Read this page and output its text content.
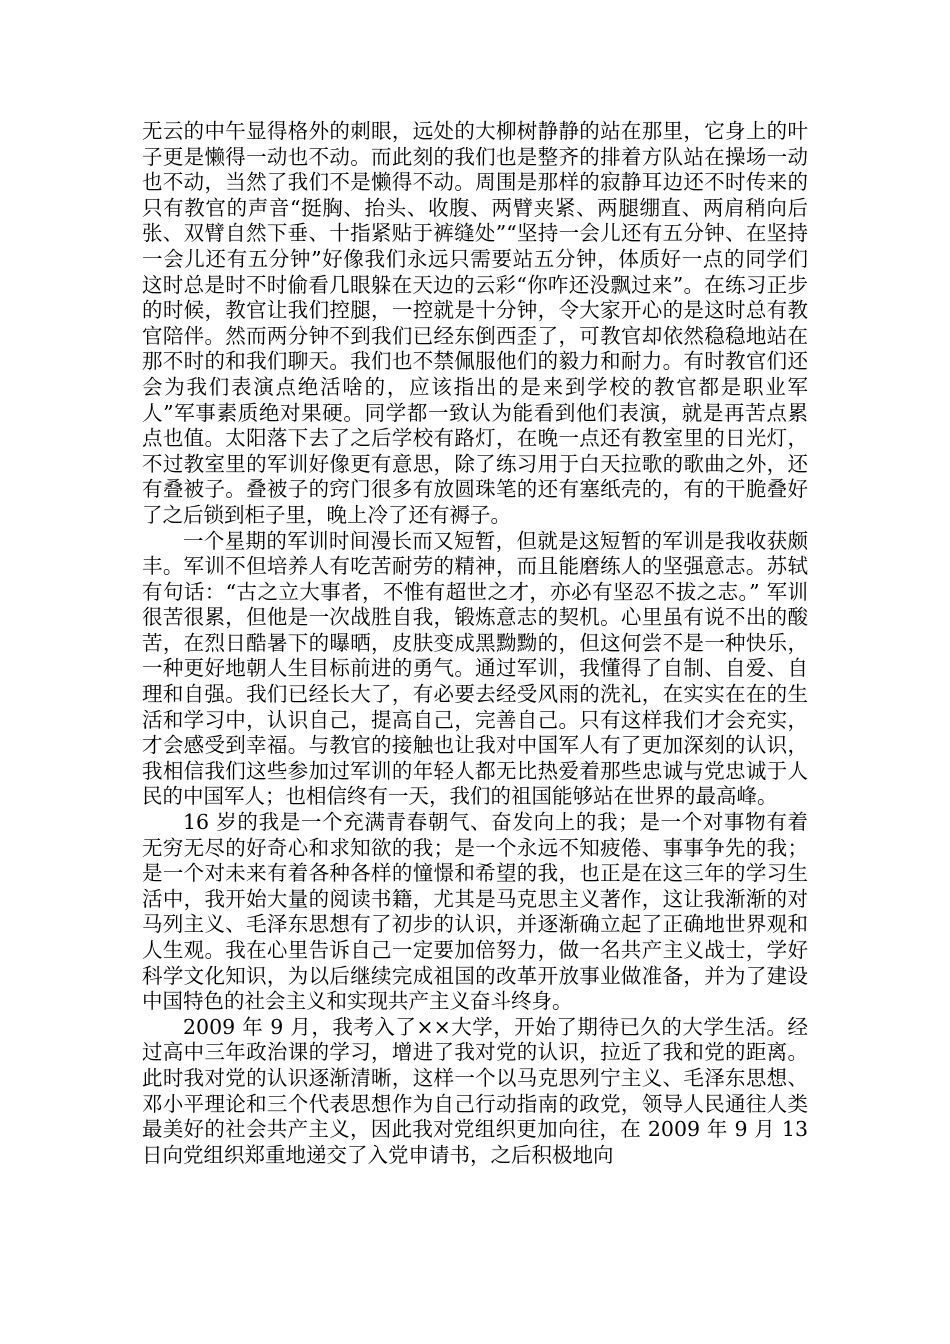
无云的中午显得格外的刺眼，远处的大柳树静静的站在那里，它身上的叶子更是懒得一动也不动。而此刻的我们也是整齐的排着方队站在操场一动也不动，当然了我们不是懒得不动。周围是那样的寂静耳边还不时传来的只有教官的声音“挺胸、抬头、收腹、两臂夹紧、两腿绷直、两肩稍向后张、双臂自然下垂、十指紧贴于裤缝处”“坚持一会儿还有五分钟、在坚持一会儿还有五分钟”好像我们永远只需要站五分钟，体质好一点的同学们这时总是时不时偷看几眼躲在天边的云彩“你咋还没飘过来”。在练习正步的时候，教官让我们控腿，一控就是十分钟，令大家开心的是这时总有教官陪伴。然而两分钟不到我们已经东倒西歪了，可教官却依然稳稳地站在那不时的和我们聊天。我们也不禁佩服他们的毅力和耐力。有时教官们还会为我们表演点绝活啥的，应该指出的是来到学校的教官都是职业军人”军事素质绝对果硬。同学都一致认为能看到他们表演，就是再苦点累点也值。太阳落下去了之后学校有路灯，在晚一点还有教室里的日光灯，不过教室里的军训好像更有意思，除了练习用于白天拉歌的歌曲之外，还有叠被子。叠被子的窍门很多有放圆珠笔的还有塞纸壳的，有的干脆叠好了之后锁到柜子里，晚上冷了还有褥子。

一个星期的军训时间漫长而又短暂，但就是这短暂的军训是我收获颇丰。军训不但培养人有吃苦耐劳的精神，而且能磨练人的坚强意志。苏轼有句话：“古之立大事者，不惟有超世之才，亦必有坚忍不拔之志。” 军训很苦很累，但他是一次战胜自我，锻炼意志的契机。心里虽有说不出的酸苦，在烈日酷暑下的曝晒，皮肤变成黑黝黝的，但这何尝不是一种快乐，一种更好地朝人生目标前进的勇气。通过军训，我懂得了自制、自爱、自理和自强。我们已经长大了，有必要去经受风雨的洗礼，在实实在在的生活和学习中，认识自己，提高自己，完善自己。只有这样我们才会充实，才会感受到幸福。与教官的接触也让我对中国军人有了更加深刻的认识，我相信我们这些参加过军训的年轻人都无比热爱着那些忠诚与党忠诚于人民的中国军人；也相信终有一天，我们的祖国能够站在世界的最高峰。

16 岁的我是一个充满青春朝气、奋发向上的我；是一个对事物有着无穷无尽的好奇心和求知欲的我；是一个永远不知疲倦、事事争先的我；是一个对未来有着各种各样的憧憬和希望的我，也正是在这三年的学习生活中，我开始大量的阅读书籍，尤其是马克思主义著作，这让我渐渐的对马列主义、毛泽东思想有了初步的认识，并逐渐确立起了正确地世界观和人生观。我在心里告诉自己一定要加倍努力，做一名共产主义战士，学好科学文化知识，为以后继续完成祖国的改革开放事业做准备，并为了建设中国特色的社会主义和实现共产主义奋斗终身。

2009 年 9 月，我考入了××大学，开始了期待已久的大学生活。经过高中三年政治课的学习，增进了我对党的认识，拉近了我和党的距离。此时我对党的认识逐渐清晰，这样一个以马克思列宁主义、毛泽东思想、邓小平理论和三个代表思想作为自己行动指南的政党，领导人民通往人类最美好的社会共产主义，因此我对党组织更加向往，在 2009 年 9 月 13 日向党组织郑重地递交了入党申请书，之后积极地向
